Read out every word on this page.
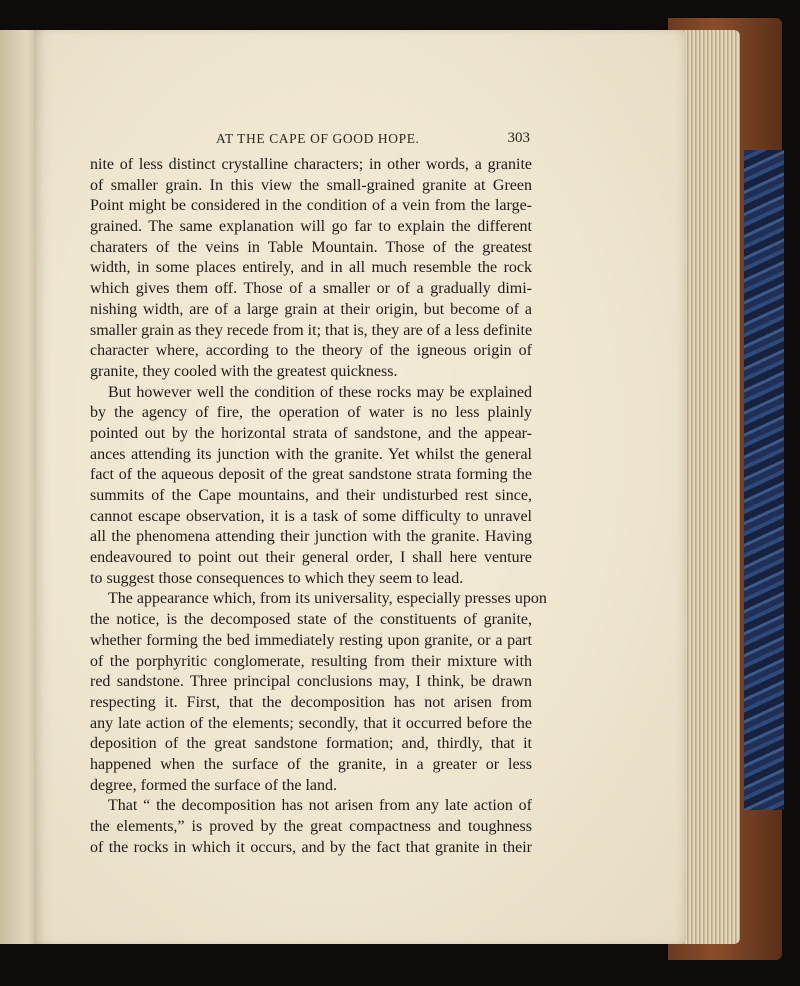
AT THE CAPE OF GOOD HOPE.	303
nite of less distinct crystalline characters; in other words, a granite
of smaller grain. In this view the small-grained granite at Green
Point might be considered in the condition of a vein from the large-
grained. The same explanation will go far to explain the different
charaters of the veins in Table Mountain. Those of the greatest
width, in some places entirely, and in all much resemble the rock
which gives them off. Those of a smaller or of a gradually dimi-
nishing width, are of a large grain at their origin, but become of a
smaller grain as they recede from it; that is, they are of a less definite
character where, according to the theory of the igneous origin of
granite, they cooled with the greatest quickness.
But however well the condition of these rocks may be explained
by the agency of fire, the operation of water is no less plainly
pointed out by the horizontal strata of sandstone, and the appear-
ances attending its junction with the granite. Yet whilst the general
fact of the aqueous deposit of the great sandstone strata forming the
summits of the Cape mountains, and their undisturbed rest since,
cannot escape observation, it is a task of some difficulty to unravel
all the phenomena attending their junction with the granite. Having
endeavoured to point out their general order, I shall here venture
to suggest those consequences to which they seem to lead.
The appearance which, from its universality, especially presses upon
the notice, is the decomposed state of the constituents of granite,
whether forming the bed immediately resting upon granite, or a part
of the porphyritic conglomerate, resulting from their mixture with
red sandstone. Three principal conclusions may, I think, be drawn
respecting it. First, that the decomposition has not arisen from
any late action of the elements; secondly, that it occurred before the
deposition of the great sandstone formation; and, thirdly, that it
happened when the surface of the granite, in a greater or less
degree, formed the surface of the land.
That “ the decomposition has not arisen from any late action of
the elements,” is proved by the great compactness and toughness
of the rocks in which it occurs, and by the fact that granite in their
